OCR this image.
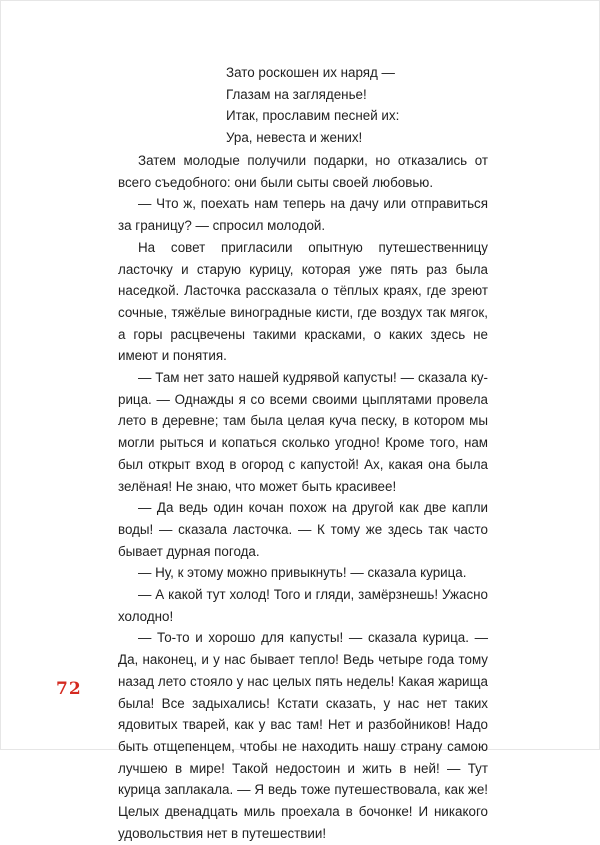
Зато роскошен их наряд —
Глазам на загляденье!
Итак, прославим песней их:
Ура, невеста и жених!

Затем молодые получили подарки, но отказались от всего съедобного: они были сыты своей любовью.

— Что ж, поехать нам теперь на дачу или отправиться за границу? — спросил молодой.

На совет пригласили опытную путешественницу ласточку и старую курицу, которая уже пять раз была наседкой. Ласточка рассказала о тёплых краях, где зреют сочные, тяжёлые виноградные кисти, где воздух так мягок, а горы расцвечены такими красками, о каких здесь не имеют и понятия.

— Там нет зато нашей кудрявой капусты! — сказала курица. — Однажды я со всеми своими цыплятами провела лето в деревне; там была целая куча песку, в котором мы могли рыться и копаться сколько угодно! Кроме того, нам был открыт вход в огород с капустой! Ах, какая она была зелёная! Не знаю, что может быть красивее!

— Да ведь один кочан похож на другой как две капли воды! — сказала ласточка. — К тому же здесь так часто бывает дурная погода.

— Ну, к этому можно привыкнуть! — сказала курица.

— А какой тут холод! Того и гляди, замёрзнешь! Ужасно холодно!

— То-то и хорошо для капусты! — сказала курица. — Да, наконец, и у нас бывает тепло! Ведь четыре года тому назад лето стояло у нас целых пять недель! Какая жарища была! Все задыхались! Кстати сказать, у нас нет таких ядовитых тварей, как у вас там! Нет и разбойников! Надо быть отщепенцем, чтобы не находить нашу страну самою лучшею в мире! Такой недостоин и жить в ней! — Тут курица заплакала. — Я ведь тоже путешествовала, как же! Целых двенадцать миль проехала в бочонке! И никакого удовольствия нет в путешествии!

72
